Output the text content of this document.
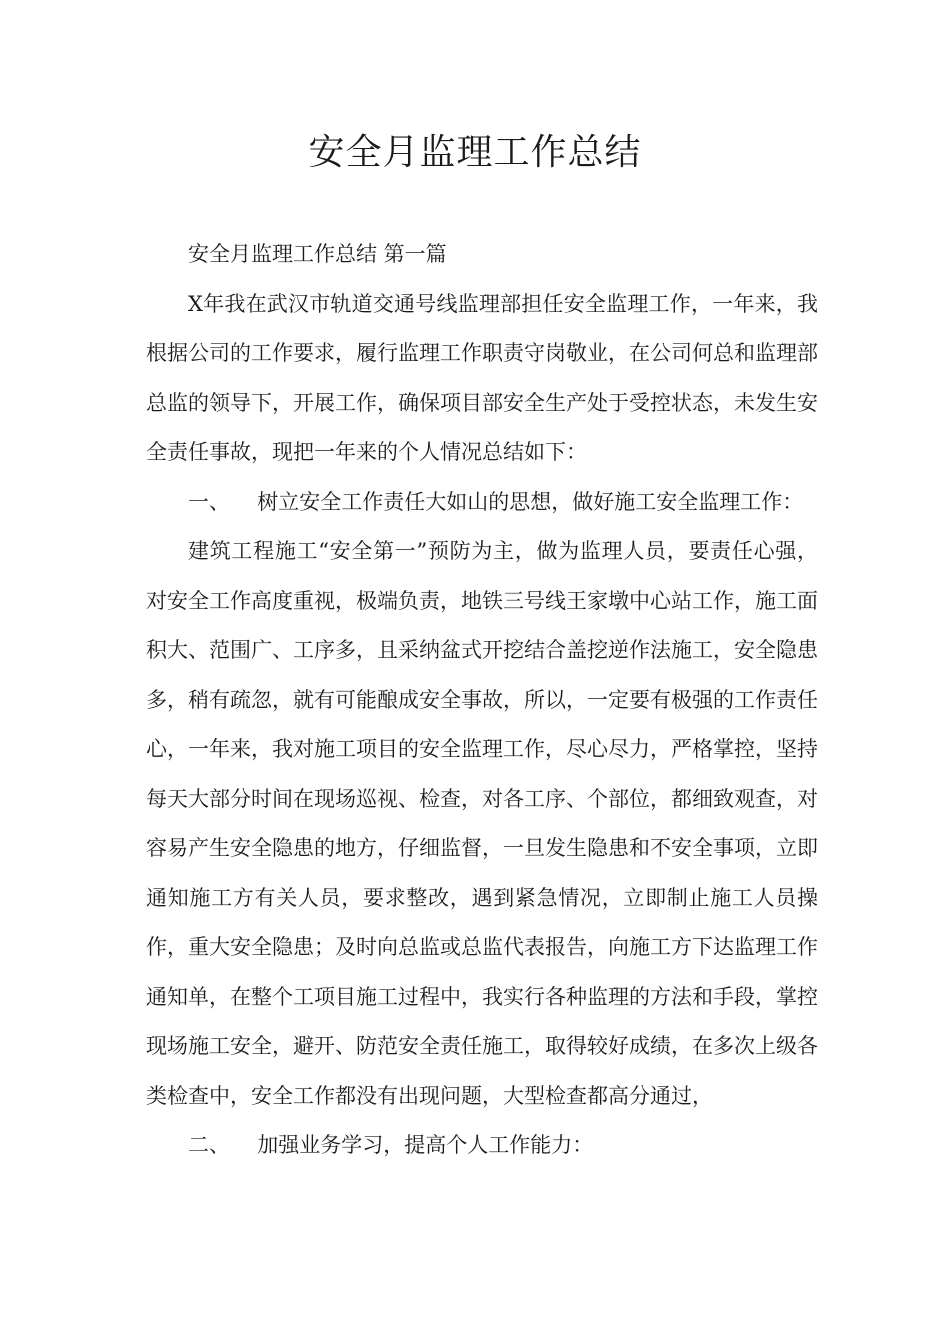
安全月监理工作总结

安全月监理工作总结 第一篇

X年我在武汉市轨道交通号线监理部担任安全监理工作，一年来，我根据公司的工作要求，履行监理工作职责守岗敬业，在公司何总和监理部总监的领导下，开展工作，确保项目部安全生产处于受控状态，未发生安全责任事故，现把一年来的个人情况总结如下：

一、 树立安全工作责任大如山的思想，做好施工安全监理工作：

建筑工程施工“安全第一”预防为主，做为监理人员，要责任心强，对安全工作高度重视，极端负责，地铁三号线王家墩中心站工作，施工面积大、范围广、工序多，且采纳盆式开挖结合盖挖逆作法施工，安全隐患多，稍有疏忽，就有可能酿成安全事故，所以，一定要有极强的工作责任心，一年来，我对施工项目的安全监理工作，尽心尽力，严格掌控，坚持每天大部分时间在现场巡视、检查，对各工序、个部位，都细致观查，对容易产生安全隐患的地方，仔细监督，一旦发生隐患和不安全事项，立即通知施工方有关人员，要求整改，遇到紧急情况，立即制止施工人员操作，重大安全隐患；及时向总监或总监代表报告，向施工方下达监理工作通知单，在整个工项目施工过程中，我实行各种监理的方法和手段，掌控现场施工安全，避开、防范安全责任施工，取得较好成绩，在多次上级各类检查中，安全工作都没有出现问题，大型检查都高分通过，

二、 加强业务学习，提高个人工作能力：
